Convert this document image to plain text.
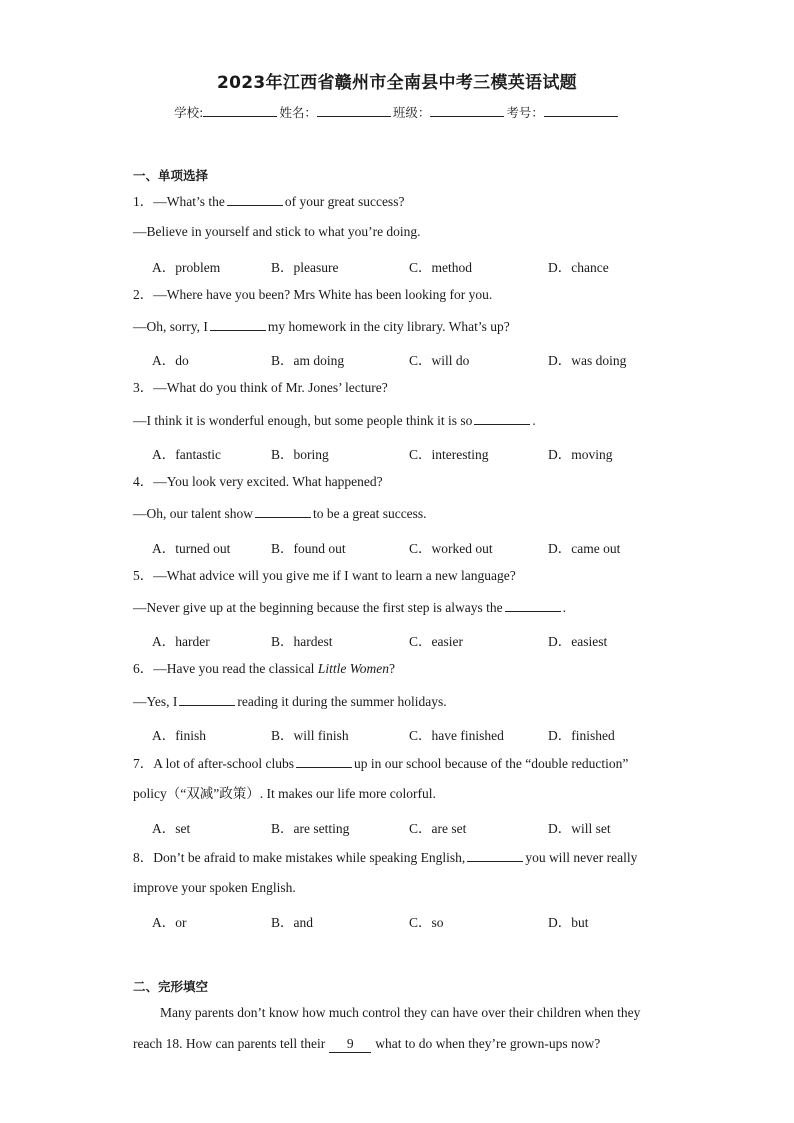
2023年江西省赣州市全南县中考三模英语试题
学校:	姓名：	班级：	考号：
一、单项选择
1．—What’s the	of your great success?
—Believe in yourself and stick to what you’re doing.
A．problem	B．pleasure	C．method	D．chance
2．—Where have you been? Mrs White has been looking for you.
—Oh, sorry, I	my homework in the city library. What’s up?
A．do	B．am doing	C．will do	D．was doing
3．—What do you think of Mr. Jones’ lecture?
—I think it is wonderful enough, but some people think it is so	.
A．fantastic	B．boring	C．interesting	D．moving
4．—You look very excited. What happened?
—Oh, our talent show	to be a great success.
A．turned out	B．found out	C．worked out	D．came out
5．—What advice will you give me if I want to learn a new language?
—Never give up at the beginning because the first step is always the	.
A．harder	B．hardest	C．easier	D．easiest
6．—Have you read the classical Little Women?
—Yes, I	reading it during the summer holidays.
A．finish	B．will finish	C．have finished	D．finished
7．A lot of after-school clubs	up in our school because of the “double reduction”
policy（“双减”政策）. It makes our life more colorful.
A．set	B．are setting	C．are set	D．will set
8．Don’t be afraid to make mistakes while speaking English,	you will never really
improve your spoken English.
A．or	B．and	C．so	D．but
二、完形填空
Many parents don’t know how much control they can have over their children when they
reach 18. How can parents tell their 9 what to do when they’re grown-ups now?
